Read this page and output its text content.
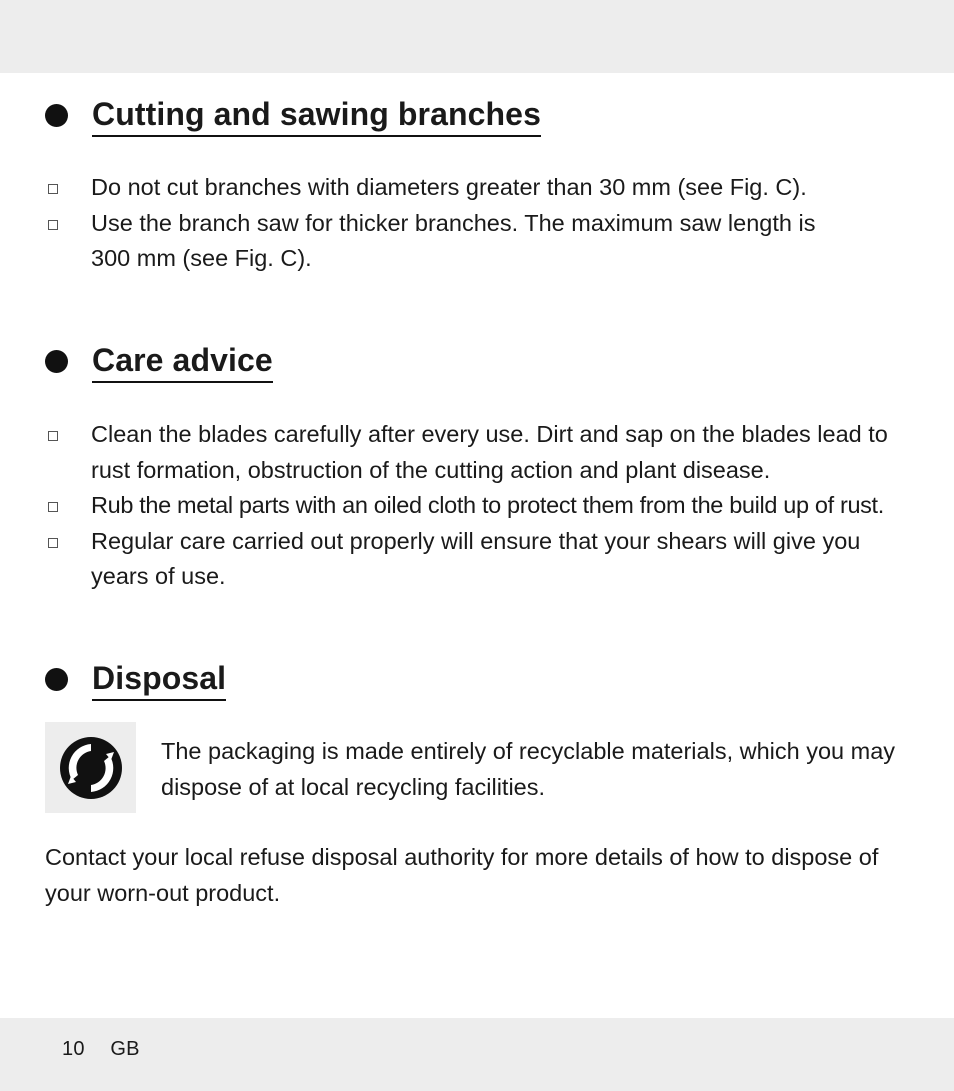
Cutting and sawing branches
Do not cut branches with diameters greater than 30 mm (see Fig. C).
Use the branch saw for thicker branches. The maximum saw length is 300 mm (see Fig. C).
Care advice
Clean the blades carefully after every use. Dirt and sap on the blades lead to rust formation, obstruction of the cutting action and plant disease.
Rub the metal parts with an oiled cloth to protect them from the build up of rust.
Regular care carried out properly will ensure that your shears will give you years of use.
Disposal

The packaging is made entirely of recyclable materials, which you may dispose of at local recycling facilities.

Contact your local refuse disposal authority for more details of how to dispose of your worn-out product.

10 GB
